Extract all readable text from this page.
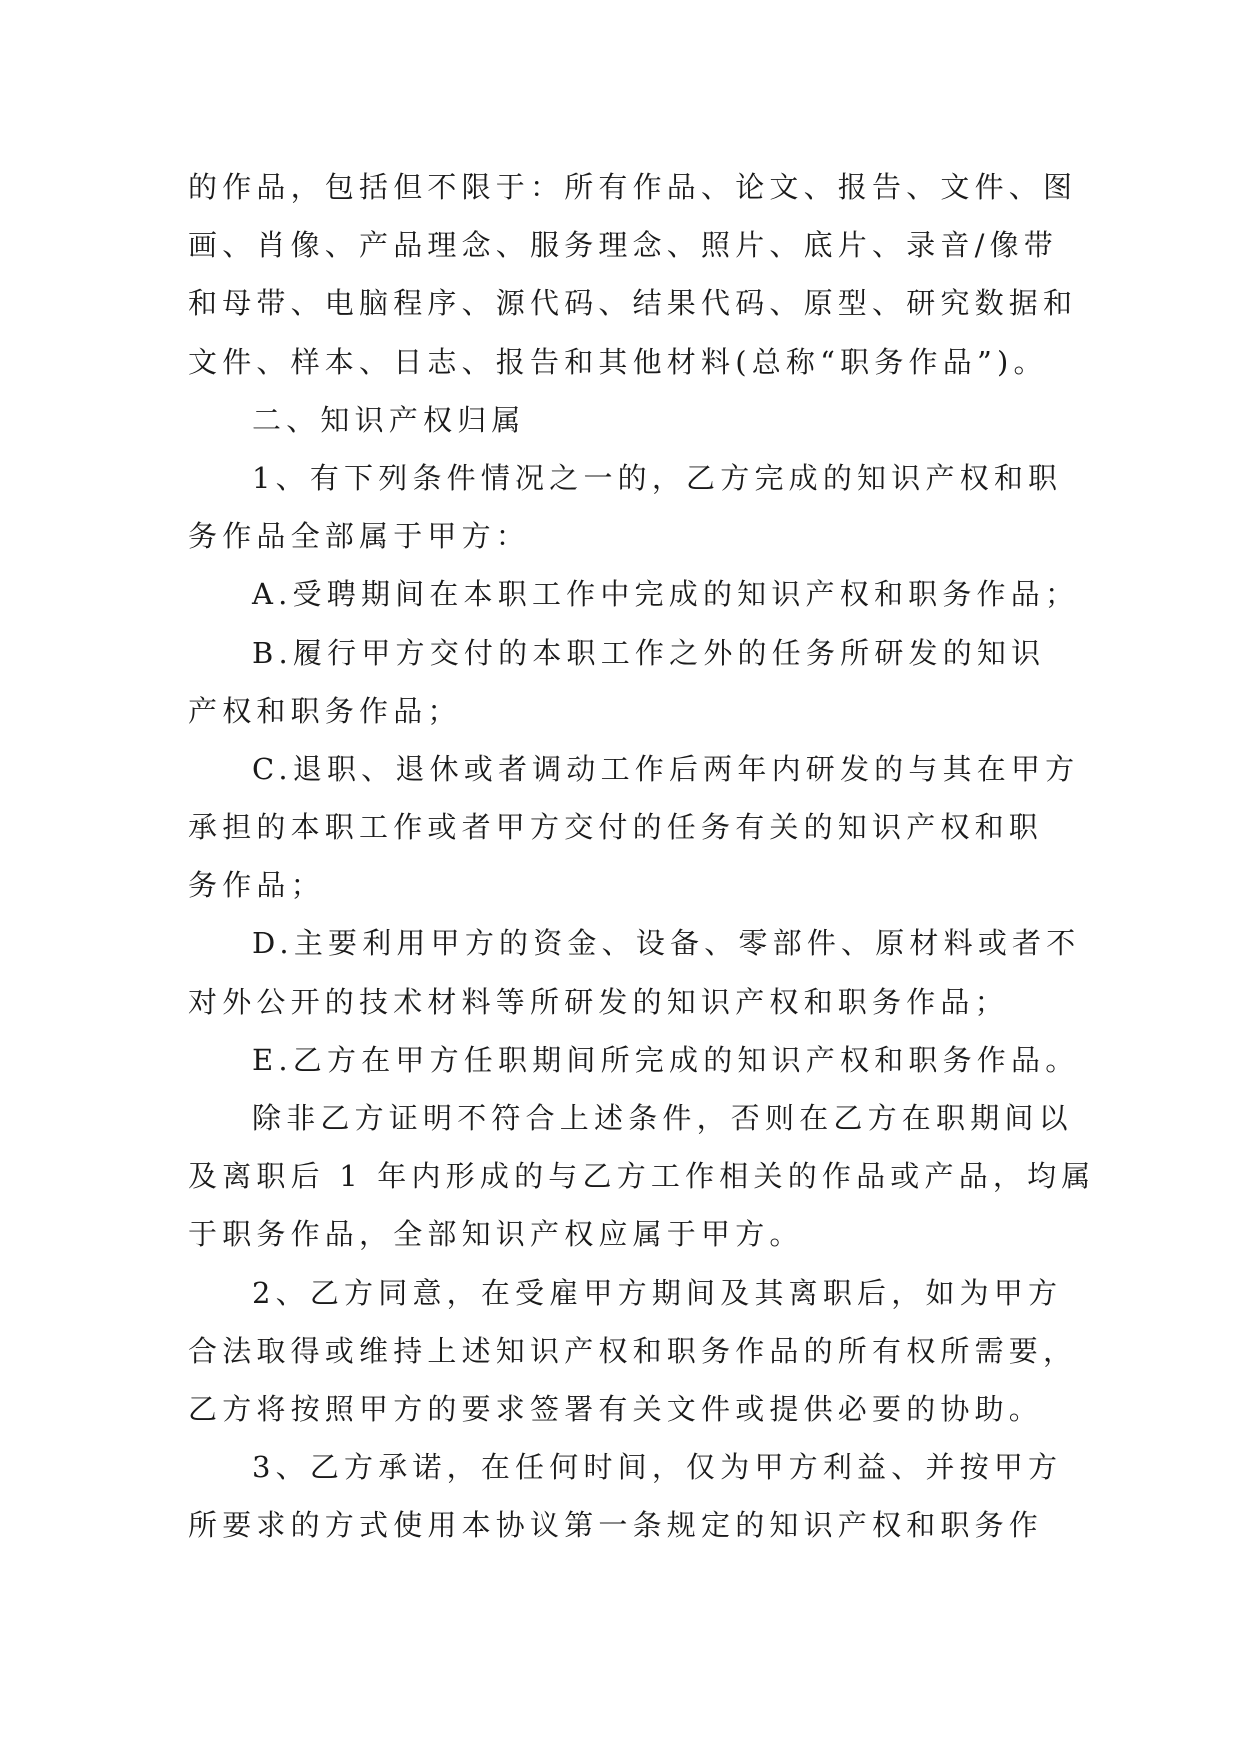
的作品，包括但不限于：所有作品、论文、报告、文件、图
画、肖像、产品理念、服务理念、照片、底片、录音/像带
和母带、电脑程序、源代码、结果代码、原型、研究数据和
文件、样本、日志、报告和其他材料(总称“职务作品”)。
二、知识产权归属
1、有下列条件情况之一的，乙方完成的知识产权和职
务作品全部属于甲方：
A.受聘期间在本职工作中完成的知识产权和职务作品；
B.履行甲方交付的本职工作之外的任务所研发的知识
产权和职务作品；
C.退职、退休或者调动工作后两年内研发的与其在甲方
承担的本职工作或者甲方交付的任务有关的知识产权和职
务作品；
D.主要利用甲方的资金、设备、零部件、原材料或者不
对外公开的技术材料等所研发的知识产权和职务作品；
E.乙方在甲方任职期间所完成的知识产权和职务作品。
除非乙方证明不符合上述条件，否则在乙方在职期间以
及离职后 1 年内形成的与乙方工作相关的作品或产品，均属
于职务作品，全部知识产权应属于甲方。
2、乙方同意，在受雇甲方期间及其离职后，如为甲方
合法取得或维持上述知识产权和职务作品的所有权所需要，
乙方将按照甲方的要求签署有关文件或提供必要的协助。
3、乙方承诺，在任何时间，仅为甲方利益、并按甲方
所要求的方式使用本协议第一条规定的知识产权和职务作
